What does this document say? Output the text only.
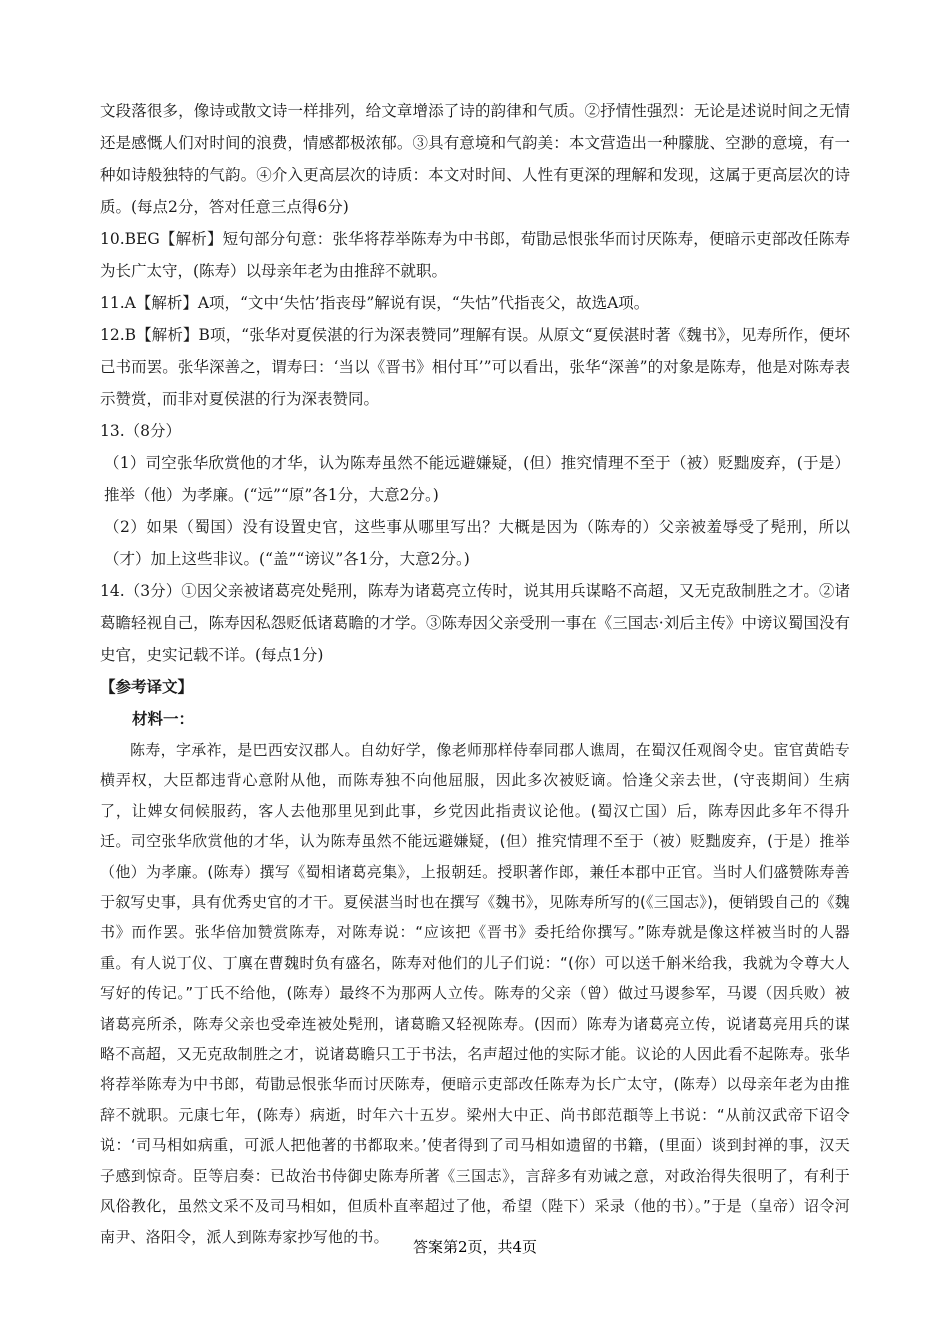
文段落很多，像诗或散文诗一样排列，给文章增添了诗的韵律和气质。②抒情性强烈：无论是述说时间之无情还是感慨人们对时间的浪费，情感都极浓郁。③具有意境和气韵美：本文营造出一种朦胧、空渺的意境，有一种如诗般独特的气韵。④介入更高层次的诗质：本文对时间、人性有更深的理解和发现，这属于更高层次的诗质。(每点2分，答对任意三点得6分)

10.BEG【解析】短句部分句意：张华将荐举陈寿为中书郎，荀勖忌恨张华而讨厌陈寿，便暗示吏部改任陈寿为长广太守，(陈寿）以母亲年老为由推辞不就职。

11.A【解析】A项，“文中‘失怙’指丧母”解说有误，“失怙”代指丧父，故选A项。

12.B【解析】B项，“张华对夏侯湛的行为深表赞同”理解有误。从原文“夏侯湛时著《魏书》，见寿所作，便坏己书而罢。张华深善之，谓寿曰：‘当以《晋书》相付耳’”可以看出，张华“深善”的对象是陈寿，他是对陈寿表示赞赏，而非对夏侯湛的行为深表赞同。

13.（8分）

（1）司空张华欣赏他的才华，认为陈寿虽然不能远避嫌疑，(但）推究情理不至于（被）贬黜废弃，(于是）推举（他）为孝廉。(“远”“原”各1分，大意2分。)

（2）如果（蜀国）没有设置史官，这些事从哪里写出？大概是因为（陈寿的）父亲被羞辱受了髡刑，所以（才）加上这些非议。(“盖”“谤议”各1分，大意2分。)

14.（3分）①因父亲被诸葛亮处髡刑，陈寿为诸葛亮立传时，说其用兵谋略不高超，又无克敌制胜之才。②诸葛瞻轻视自己，陈寿因私怨贬低诸葛瞻的才学。③陈寿因父亲受刑一事在《三国志·刘后主传》中谤议蜀国没有史官，史实记载不详。(每点1分)

【参考译文】

材料一：

陈寿，字承祚，是巴西安汉郡人。自幼好学，像老师那样侍奉同郡人谯周，在蜀汉任观阁令史。宦官黄皓专横弄权，大臣都违背心意附从他，而陈寿独不向他屈服，因此多次被贬谪。恰逢父亲去世，(守丧期间）生病了，让婢女伺候服药，客人去他那里见到此事，乡党因此指责议论他。(蜀汉亡国）后，陈寿因此多年不得升迁。司空张华欣赏他的才华，认为陈寿虽然不能远避嫌疑，(但）推究情理不至于（被）贬黜废弃，(于是）推举（他）为孝廉。(陈寿）撰写《蜀相诸葛亮集》，上报朝廷。授职著作郎，兼任本郡中正官。当时人们盛赞陈寿善于叙写史事，具有优秀史官的才干。夏侯湛当时也在撰写《魏书》，见陈寿所写的(《三国志》)，便销毁自己的《魏书》而作罢。张华倍加赞赏陈寿，对陈寿说：“应该把《晋书》委托给你撰写。”陈寿就是像这样被当时的人器重。有人说丁仪、丁廙在曹魏时负有盛名，陈寿对他们的儿子们说：“(你）可以送千斛米给我，我就为令尊大人写好的传记。”丁氏不给他，(陈寿）最终不为那两人立传。陈寿的父亲（曾）做过马谡参军，马谡（因兵败）被诸葛亮所杀，陈寿父亲也受牵连被处髡刑，诸葛瞻又轻视陈寿。(因而）陈寿为诸葛亮立传，说诸葛亮用兵的谋略不高超，又无克敌制胜之才，说诸葛瞻只工于书法，名声超过他的实际才能。议论的人因此看不起陈寿。张华将荐举陈寿为中书郎，荀勖忌恨张华而讨厌陈寿，便暗示吏部改任陈寿为长广太守，(陈寿）以母亲年老为由推辞不就职。元康七年，(陈寿）病逝，时年六十五岁。梁州大中正、尚书郎范頵等上书说：“从前汉武帝下诏令说：‘司马相如病重，可派人把他著的书都取来。’使者得到了司马相如遗留的书籍，(里面）谈到封禅的事，汉天子感到惊奇。臣等启奏：已故治书侍御史陈寿所著《三国志》，言辞多有劝诫之意，对政治得失很明了，有利于风俗教化，虽然文采不及司马相如，但质朴直率超过了他，希望（陛下）采录（他的书）。”于是（皇帝）诏令河南尹、洛阳令，派人到陈寿家抄写他的书。

答案第2页，共4页
